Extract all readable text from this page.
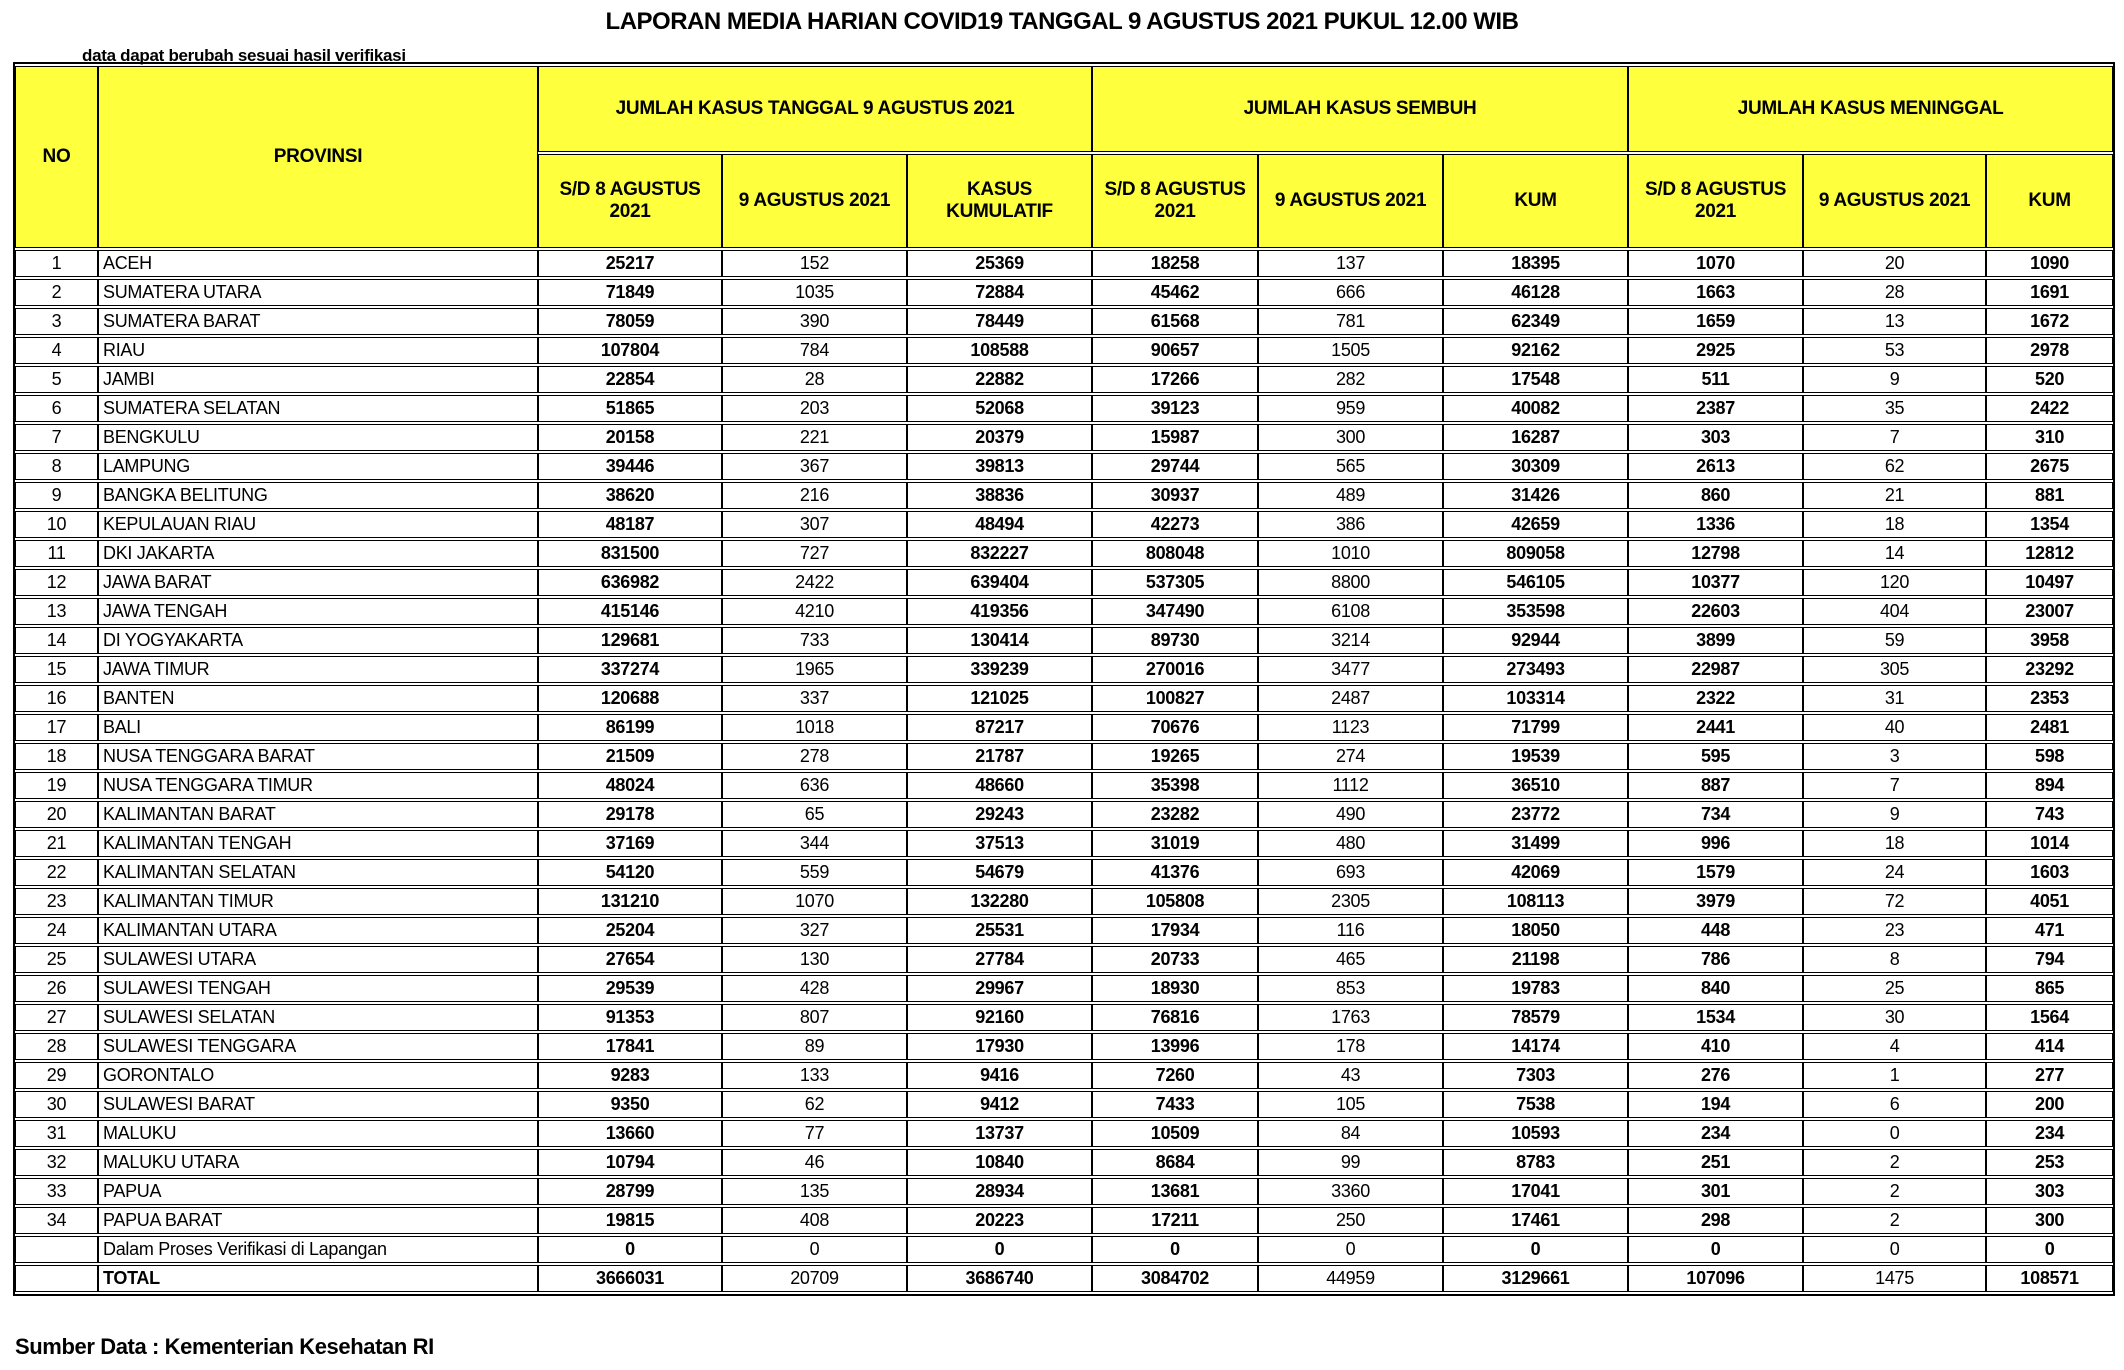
LAPORAN MEDIA HARIAN COVID19 TANGGAL 9 AGUSTUS 2021 PUKUL 12.00 WIB
data dapat berubah sesuai hasil verifikasi
NO	PROVINSI	JUMLAH KASUS TANGGAL 9 AGUSTUS 2021			JUMLAH KASUS SEMBUH			JUMLAH KASUS MENINGGAL		
		S/D 8 AGUSTUS 2021	9 AGUSTUS 2021	KASUS KUMULATIF	S/D 8 AGUSTUS 2021	9 AGUSTUS 2021	KUM	S/D 8 AGUSTUS 2021	9 AGUSTUS 2021	KUM
1	ACEH	25217	152	25369	18258	137	18395	1070	20	1090
2	SUMATERA UTARA	71849	1035	72884	45462	666	46128	1663	28	1691
3	SUMATERA BARAT	78059	390	78449	61568	781	62349	1659	13	1672
4	RIAU	107804	784	108588	90657	1505	92162	2925	53	2978
5	JAMBI	22854	28	22882	17266	282	17548	511	9	520
6	SUMATERA SELATAN	51865	203	52068	39123	959	40082	2387	35	2422
7	BENGKULU	20158	221	20379	15987	300	16287	303	7	310
8	LAMPUNG	39446	367	39813	29744	565	30309	2613	62	2675
9	BANGKA BELITUNG	38620	216	38836	30937	489	31426	860	21	881
10	KEPULAUAN RIAU	48187	307	48494	42273	386	42659	1336	18	1354
11	DKI JAKARTA	831500	727	832227	808048	1010	809058	12798	14	12812
12	JAWA BARAT	636982	2422	639404	537305	8800	546105	10377	120	10497
13	JAWA TENGAH	415146	4210	419356	347490	6108	353598	22603	404	23007
14	DI YOGYAKARTA	129681	733	130414	89730	3214	92944	3899	59	3958
15	JAWA TIMUR	337274	1965	339239	270016	3477	273493	22987	305	23292
16	BANTEN	120688	337	121025	100827	2487	103314	2322	31	2353
17	BALI	86199	1018	87217	70676	1123	71799	2441	40	2481
18	NUSA TENGGARA BARAT	21509	278	21787	19265	274	19539	595	3	598
19	NUSA TENGGARA TIMUR	48024	636	48660	35398	1112	36510	887	7	894
20	KALIMANTAN BARAT	29178	65	29243	23282	490	23772	734	9	743
21	KALIMANTAN TENGAH	37169	344	37513	31019	480	31499	996	18	1014
22	KALIMANTAN SELATAN	54120	559	54679	41376	693	42069	1579	24	1603
23	KALIMANTAN TIMUR	131210	1070	132280	105808	2305	108113	3979	72	4051
24	KALIMANTAN UTARA	25204	327	25531	17934	116	18050	448	23	471
25	SULAWESI UTARA	27654	130	27784	20733	465	21198	786	8	794
26	SULAWESI TENGAH	29539	428	29967	18930	853	19783	840	25	865
27	SULAWESI SELATAN	91353	807	92160	76816	1763	78579	1534	30	1564
28	SULAWESI TENGGARA	17841	89	17930	13996	178	14174	410	4	414
29	GORONTALO	9283	133	9416	7260	43	7303	276	1	277
30	SULAWESI BARAT	9350	62	9412	7433	105	7538	194	6	200
31	MALUKU	13660	77	13737	10509	84	10593	234	0	234
32	MALUKU UTARA	10794	46	10840	8684	99	8783	251	2	253
33	PAPUA	28799	135	28934	13681	3360	17041	301	2	303
34	PAPUA BARAT	19815	408	20223	17211	250	17461	298	2	300
	Dalam Proses Verifikasi di Lapangan	0	0	0	0	0	0	0	0	0
	TOTAL	3666031	20709	3686740	3084702	44959	3129661	107096	1475	108571
Sumber Data : Kementerian Kesehatan RI
